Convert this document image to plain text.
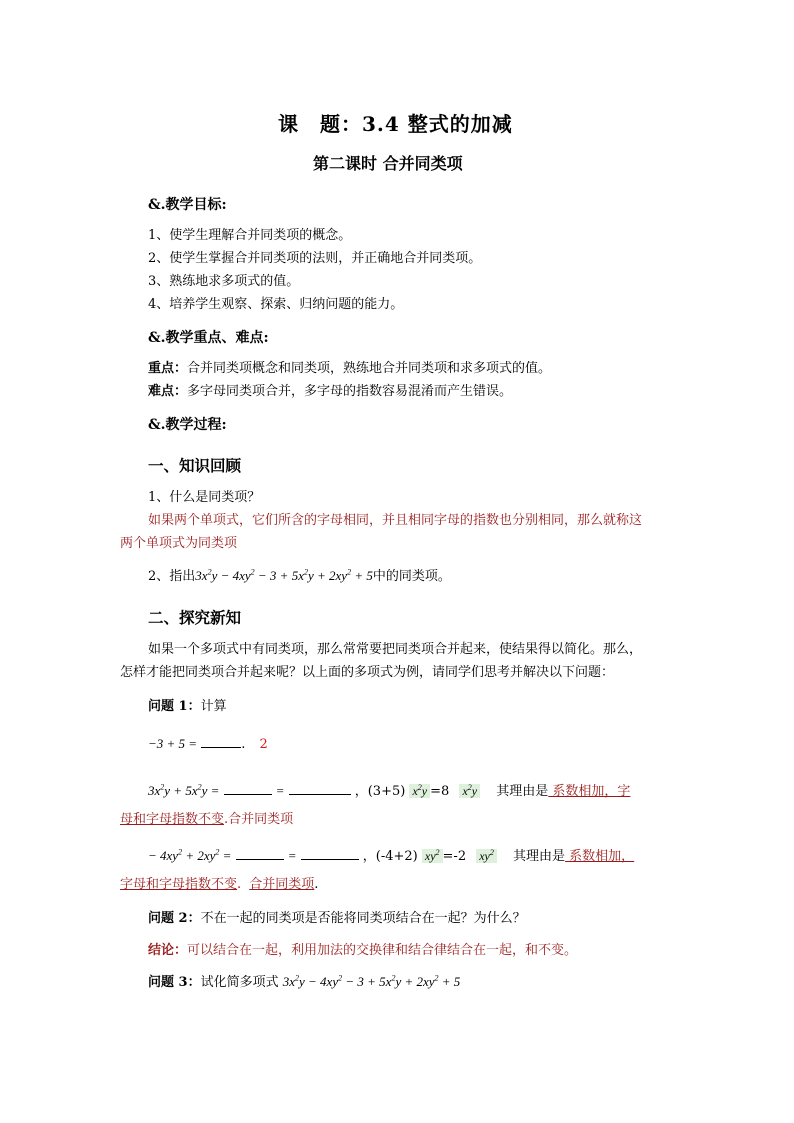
课　题：3.4 整式的加减
第二课时 合并同类项
&.教学目标:
1、使学生理解合并同类项的概念。
2、使学生掌握合并同类项的法则，并正确地合并同类项。
3、熟练地求多项式的值。
4、培养学生观察、探索、归纳问题的能力。
&.教学重点、难点:
重点：合并同类项概念和同类项，熟练地合并同类项和求多项式的值。
难点：多字母同类项合并，多字母的指数容易混淆而产生错误。
&.教学过程:
一、知识回顾
1、什么是同类项？
如果两个单项式，它们所含的字母相同，并且相同字母的指数也分别相同，那么就称这
两个单项式为同类项
2、指出$3x^2y - 4xy^2 - 3 + 5x^2y + 2xy^2 + 5$中的同类项。
二、探究新知
如果一个多项式中有同类项，那么常常要把同类项合并起来，使结果得以简化。那么，
怎样才能把同类项合并起来呢？以上面的多项式为例，请同学们思考并解决以下问题：
问题 1：计算
−3 + 5 =	. 2
$3x^2y + 5x^2y$ =	=	，(3+5) $x^2y =8$ $x^2y$ 其理由是 系数相加，字
母和字母指数不变.合并同类项
− $4xy^2 + 2xy^2$ =	=	，(-4+2) $xy^2 =-2$ $xy^2$ 其理由是 系数相加，
字母和字母指数不变. 合并同类项.
问题 2：不在一起的同类项是否能将同类项结合在一起？为什么？
结论：可以结合在一起，利用加法的交换律和结合律结合在一起，和不变。
问题 3：试化简多项式 $3x^2y - 4xy^2 - 3 + 5x^2y + 2xy^2 + 5$
